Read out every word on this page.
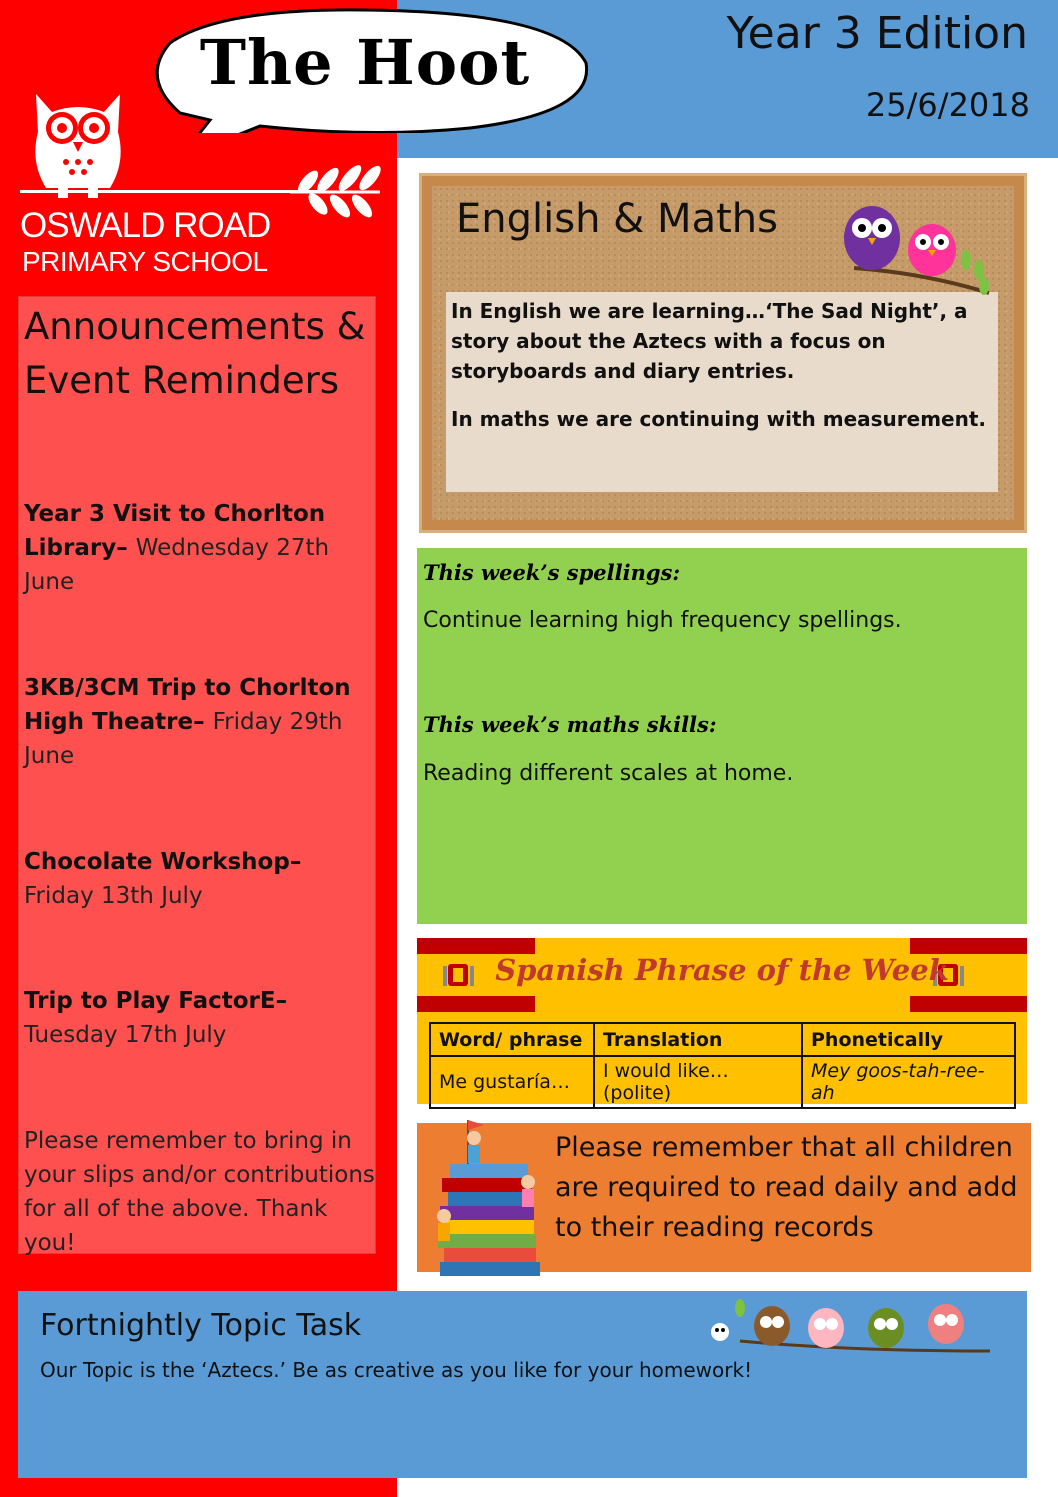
Year 3 Edition
25/6/2018
The Hoot
OSWALD ROAD
PRIMARY SCHOOL
Announcements & Event Reminders
Year 3 Visit to Chorlton Library– Wednesday 27th June
3KB/3CM Trip to Chorlton High Theatre– Friday 29th June
Chocolate Workshop– Friday 13th July
Trip to Play FactorE–
Tuesday 17th July
Please remember to bring in your slips and/or contributions for all of the above. Thank you!
English & Maths
In English we are learning…‘The Sad Night’, a story about the Aztecs with a focus on storyboards and diary entries.
In maths we are continuing with measurement.
This week’s spellings:
Continue learning high frequency spellings.
This week’s maths skills:
Reading different scales at home.
Spanish Phrase of the Week
Word/ phrase	Translation	Phonetically
Me gustaría…	I would like… (polite)	Mey goos-tah-ree- ah
Please remember that all children are required to read daily and add to their reading records
Fortnightly Topic Task
Our Topic is the ‘Aztecs.’ Be as creative as you like for your homework!
